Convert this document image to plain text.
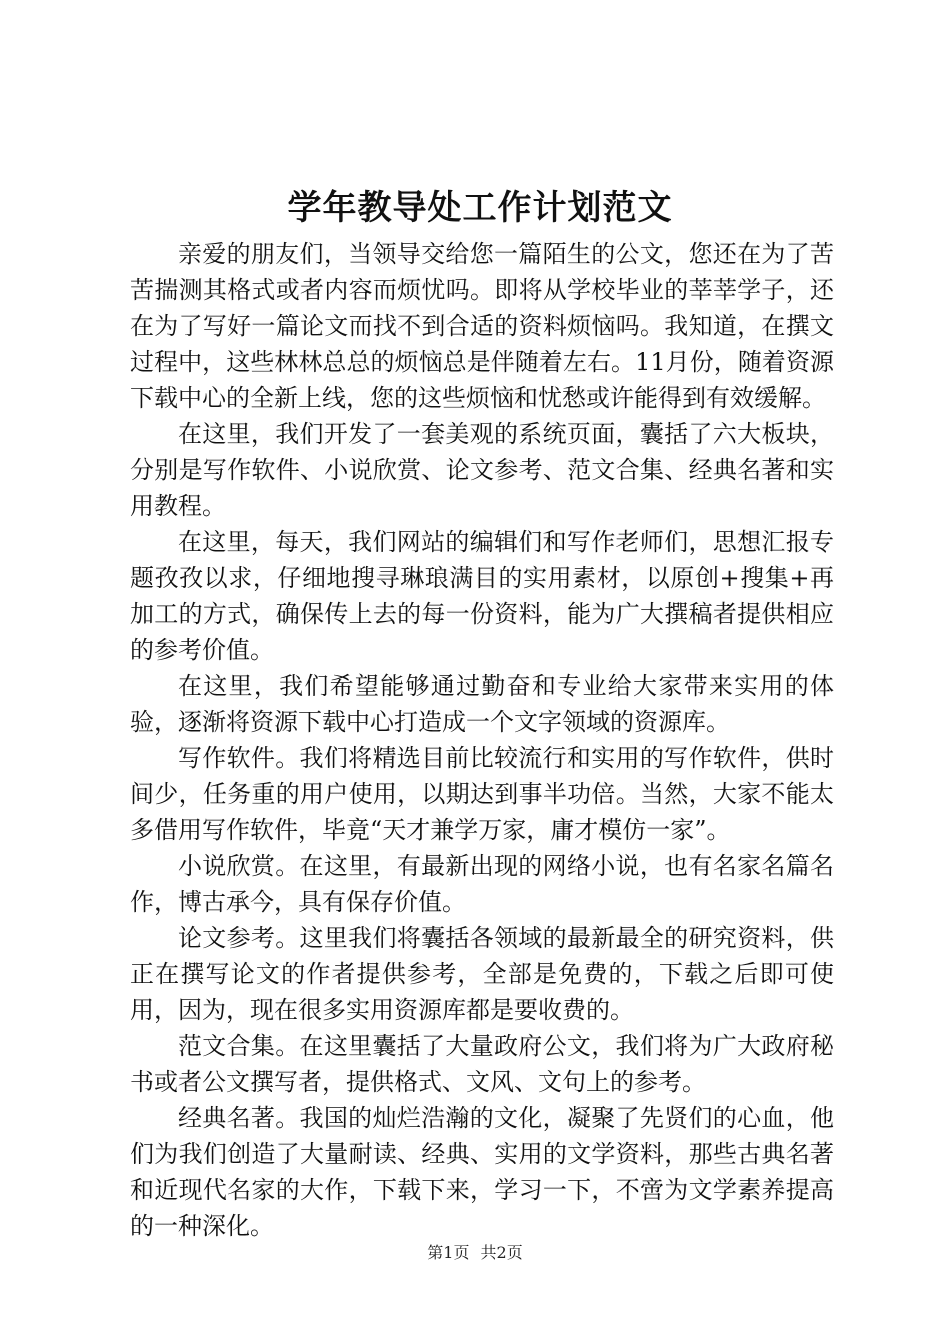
学年教导处工作计划范文

亲爱的朋友们，当领导交给您一篇陌生的公文，您还在为了苦苦揣测其格式或者内容而烦忧吗。即将从学校毕业的莘莘学子，还在为了写好一篇论文而找不到合适的资料烦恼吗。我知道，在撰文过程中，这些林林总总的烦恼总是伴随着左右。11月份，随着资源下载中心的全新上线，您的这些烦恼和忧愁或许能得到有效缓解。

在这里，我们开发了一套美观的系统页面，囊括了六大板块，分别是写作软件、小说欣赏、论文参考、范文合集、经典名著和实用教程。

在这里，每天，我们网站的编辑们和写作老师们，思想汇报专题孜孜以求，仔细地搜寻琳琅满目的实用素材，以原创+搜集+再加工的方式，确保传上去的每一份资料，能为广大撰稿者提供相应的参考价值。

在这里，我们希望能够通过勤奋和专业给大家带来实用的体验，逐渐将资源下载中心打造成一个文字领域的资源库。

写作软件。我们将精选目前比较流行和实用的写作软件，供时间少，任务重的用户使用，以期达到事半功倍。当然，大家不能太多借用写作软件，毕竟“天才兼学万家，庸才模仿一家”。

小说欣赏。在这里，有最新出现的网络小说，也有名家名篇名作，博古承今，具有保存价值。

论文参考。这里我们将囊括各领域的最新最全的研究资料，供正在撰写论文的作者提供参考，全部是免费的，下载之后即可使用，因为，现在很多实用资源库都是要收费的。

范文合集。在这里囊括了大量政府公文，我们将为广大政府秘书或者公文撰写者，提供格式、文风、文句上的参考。

经典名著。我国的灿烂浩瀚的文化，凝聚了先贤们的心血，他们为我们创造了大量耐读、经典、实用的文学资料，那些古典名著和近现代名家的大作，下载下来，学习一下，不啻为文学素养提高的一种深化。

第1页 共2页
